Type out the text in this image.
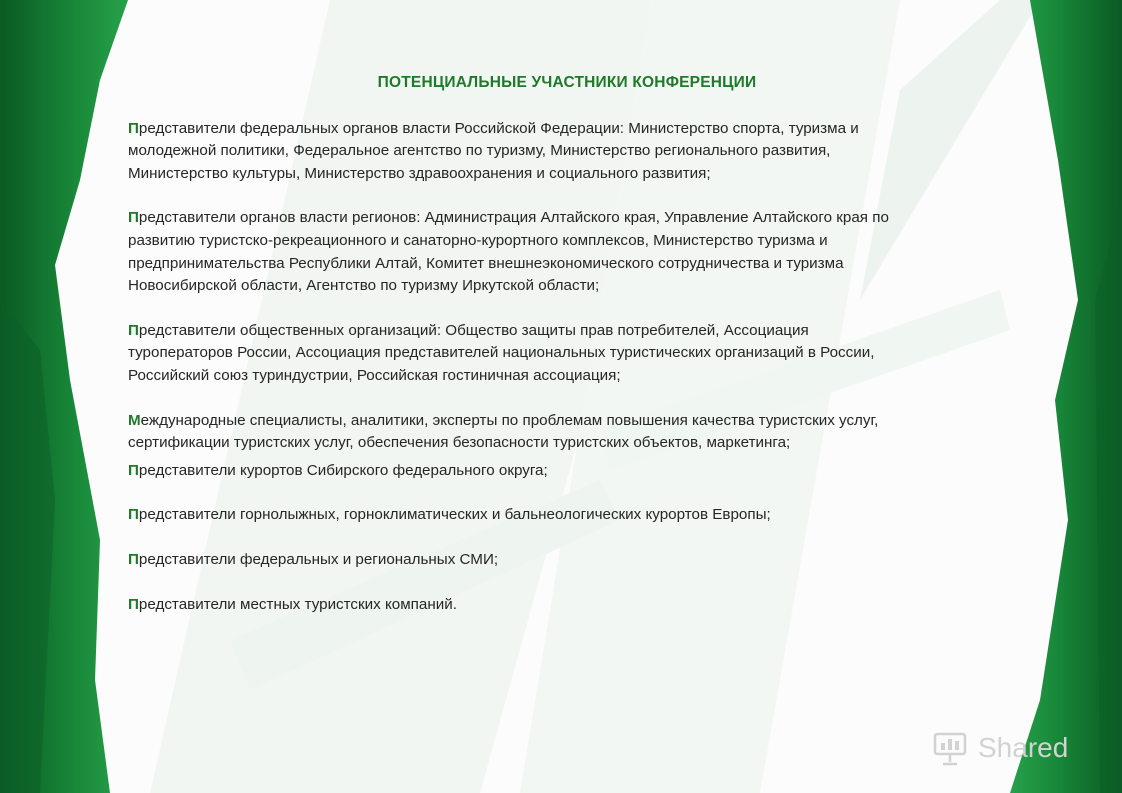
ПОТЕНЦИАЛЬНЫЕ УЧАСТНИКИ КОНФЕРЕНЦИИ
Представители федеральных органов власти Российской Федерации: Министерство спорта, туризма и
молодежной политики, Федеральное агентство по туризму, Министерство регионального развития,
Министерство культуры, Министерство здравоохранения и социального развития;
Представители органов власти регионов: Администрация Алтайского края, Управление Алтайского края по
развитию туристско-рекреационного и санаторно-курортного комплексов, Министерство туризма и
предпринимательства Республики Алтай, Комитет внешнеэкономического сотрудничества и туризма
Новосибирской области, Агентство по туризму Иркутской области;
Представители общественных организаций: Общество защиты прав потребителей, Ассоциация
туроператоров России, Ассоциация представителей национальных туристических организаций в России,
Российский союз туриндустрии, Российская гостиничная ассоциация;
Международные специалисты, аналитики, эксперты по проблемам повышения качества туристских услуг,
сертификации туристских услуг, обеспечения безопасности туристских объектов, маркетинга;
Представители курортов Сибирского федерального округа;
Представители горнолыжных, горноклиматических и бальнеологических курортов Европы;
Представители федеральных и региональных СМИ;
Представители местных туристских компаний.
Shared
